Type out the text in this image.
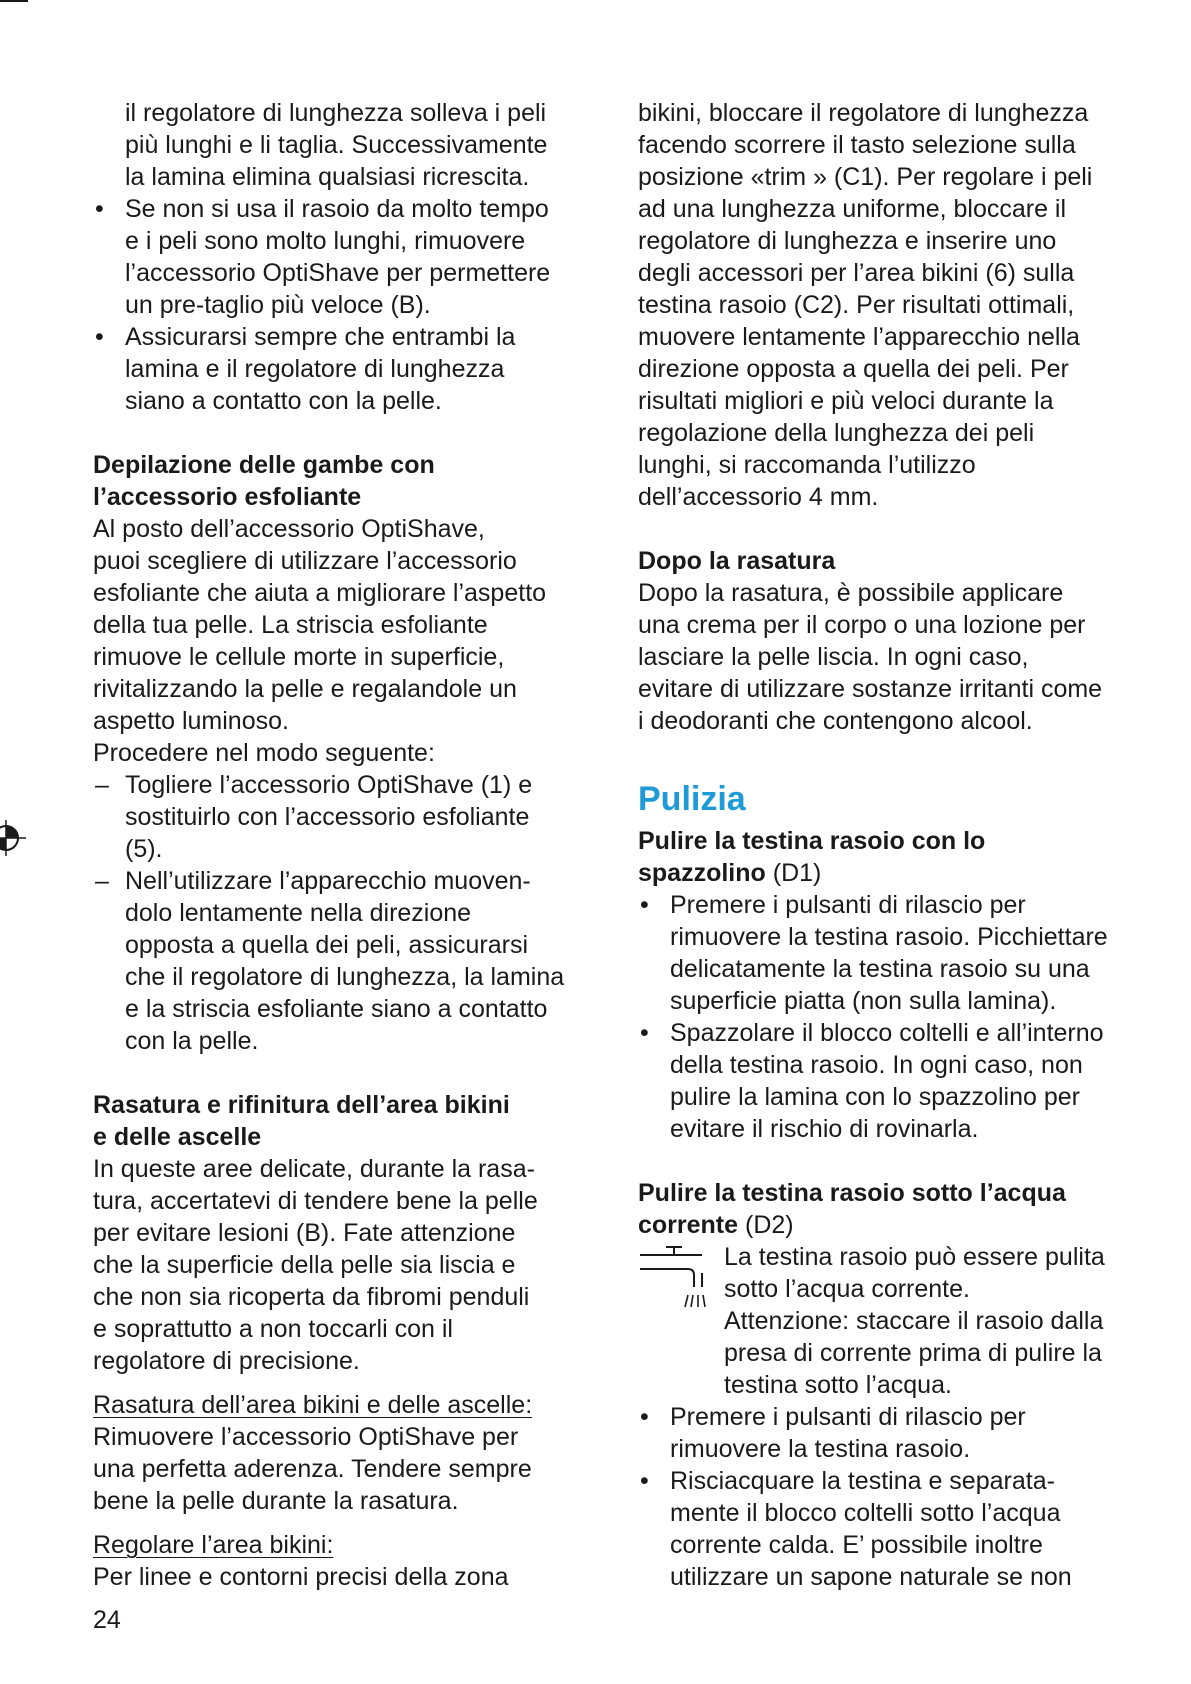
il regolatore di lunghezza solleva i peli

più lunghi e li taglia. Successivamente

la lamina elimina qualsiasi ricrescita.

• Se non si usa il rasoio da molto tempo

e i peli sono molto lunghi, rimuovere

l’accessorio OptiShave per permettere

un pre-taglio più veloce (B).

• Assicurarsi sempre che entrambi la

lamina e il regolatore di lunghezza

siano a contatto con la pelle.

Depilazione delle gambe con

l’accessorio esfoliante

Al posto dell’accessorio OptiShave,

puoi scegliere di utilizzare l’accessorio

esfoliante che aiuta a migliorare l’aspetto

della tua pelle. La striscia esfoliante

rimuove le cellule morte in superficie,

rivitalizzando la pelle e regalandole un

aspetto luminoso.

Procedere nel modo seguente:

– Togliere l’accessorio OptiShave (1) e

sostituirlo con l’accessorio esfoliante

(5).

– Nell’utilizzare l’apparecchio muoven-

dolo lentamente nella direzione

opposta a quella dei peli, assicurarsi

che il regolatore di lunghezza, la lamina

e la striscia esfoliante siano a contatto

con la pelle.

Rasatura e rifinitura dell’area bikini

e delle ascelle

In queste aree delicate, durante la rasa-

tura, accertatevi di tendere bene la pelle

per evitare lesioni (B). Fate attenzione

che la superficie della pelle sia liscia e

che non sia ricoperta da fibromi penduli

e soprattutto a non toccarli con il

regolatore di precisione.

Rasatura dell’area bikini e delle ascelle:

Rimuovere l’accessorio OptiShave per

una perfetta aderenza. Tendere sempre

bene la pelle durante la rasatura.

Regolare l’area bikini:

Per linee e contorni precisi della zona

bikini, bloccare il regolatore di lunghezza

facendo scorrere il tasto selezione sulla

posizione «trim » (C1). Per regolare i peli

ad una lunghezza uniforme, bloccare il

regolatore di lunghezza e inserire uno

degli accessori per l’area bikini (6) sulla

testina rasoio (C2). Per risultati ottimali,

muovere lentamente l’apparecchio nella

direzione opposta a quella dei peli. Per

risultati migliori e più veloci durante la

regolazione della lunghezza dei peli

lunghi, si raccomanda l’utilizzo

dell’accessorio 4 mm.

Dopo la rasatura

Dopo la rasatura, è possibile applicare

una crema per il corpo o una lozione per

lasciare la pelle liscia. In ogni caso,

evitare di utilizzare sostanze irritanti come

i deodoranti che contengono alcool.

Pulizia

Pulire la testina rasoio con lo

spazzolino (D1)

• Premere i pulsanti di rilascio per

rimuovere la testina rasoio. Picchiettare

delicatamente la testina rasoio su una

superficie piatta (non sulla lamina).

• Spazzolare il blocco coltelli e all’interno

della testina rasoio. In ogni caso, non

pulire la lamina con lo spazzolino per

evitare il rischio di rovinarla.

Pulire la testina rasoio sotto l’acqua

corrente (D2)

La testina rasoio può essere pulita

sotto l’acqua corrente.

Attenzione: staccare il rasoio dalla

presa di corrente prima di pulire la

testina sotto l’acqua.

• Premere i pulsanti di rilascio per

rimuovere la testina rasoio.

• Risciacquare la testina e separata-

mente il blocco coltelli sotto l’acqua

corrente calda. E’ possibile inoltre

utilizzare un sapone naturale se non

24
